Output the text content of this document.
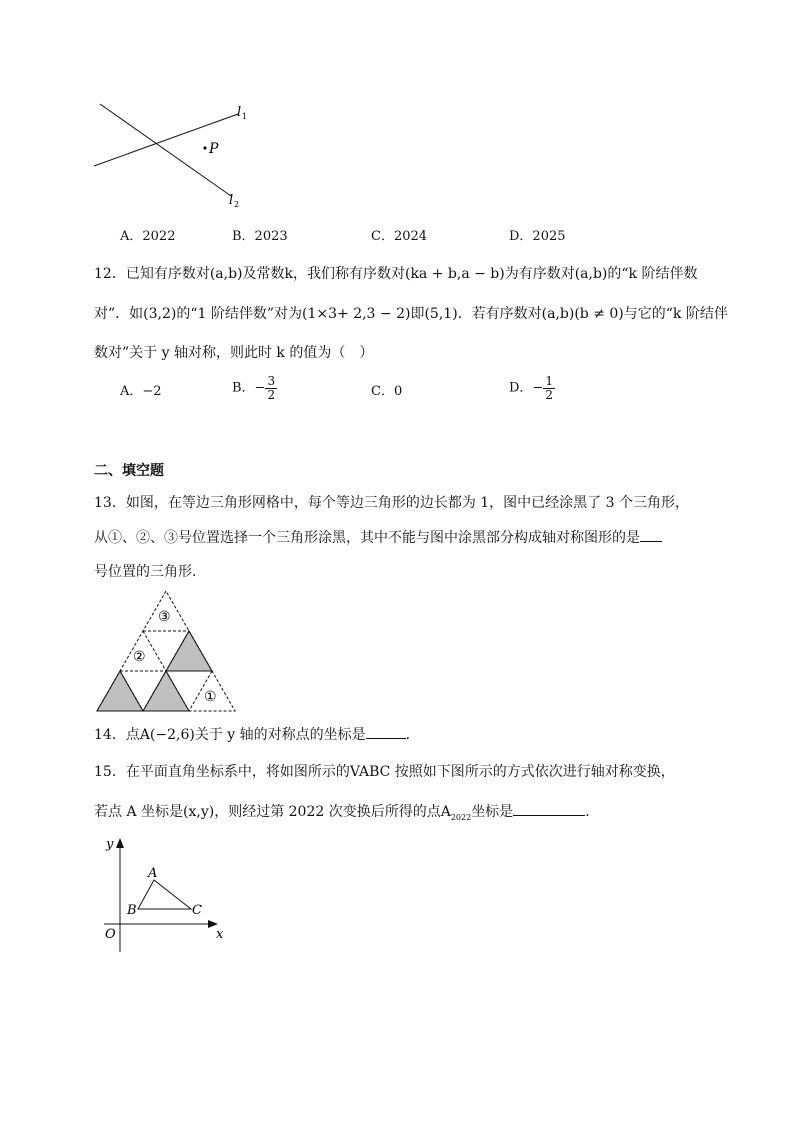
P
l 1
l 2
A．2022	B．2023	C．2024	D．2025
12．已知有序数对(a,b)及常数k，我们称有序数对(ka + b,a − b)为有序数对(a,b)的“k 阶结伴数
对”．如(3,2)的“1 阶结伴数”对为(1×3+ 2,3 − 2)即(5,1)．若有序数对(a,b)(b ≠ 0)与它的“k 阶结伴
数对”关于 y 轴对称，则此时 k 的值为（　）
A．−2	B．− $\frac{3}{2}$	C．0	D．− $\frac{1}{2}$
二、填空题
13．如图，在等边三角形网格中，每个等边三角形的边长都为 1，图中已经涂黑了 3 个三角形，
从①、②、③号位置选择一个三角形涂黑，其中不能与图中涂黑部分构成轴对称图形的是
号位置的三角形．
③
②
①
14．点A(−2,6)关于 y 轴的对称点的坐标是	．
15．在平面直角坐标系中，将如图所示的VABC 按照如下图所示的方式依次进行轴对称变换，
若点 A 坐标是(x,y)，则经过第 2022 次变换后所得的点$A_{2022}$坐标是	．
y
x
O
A
B	C
